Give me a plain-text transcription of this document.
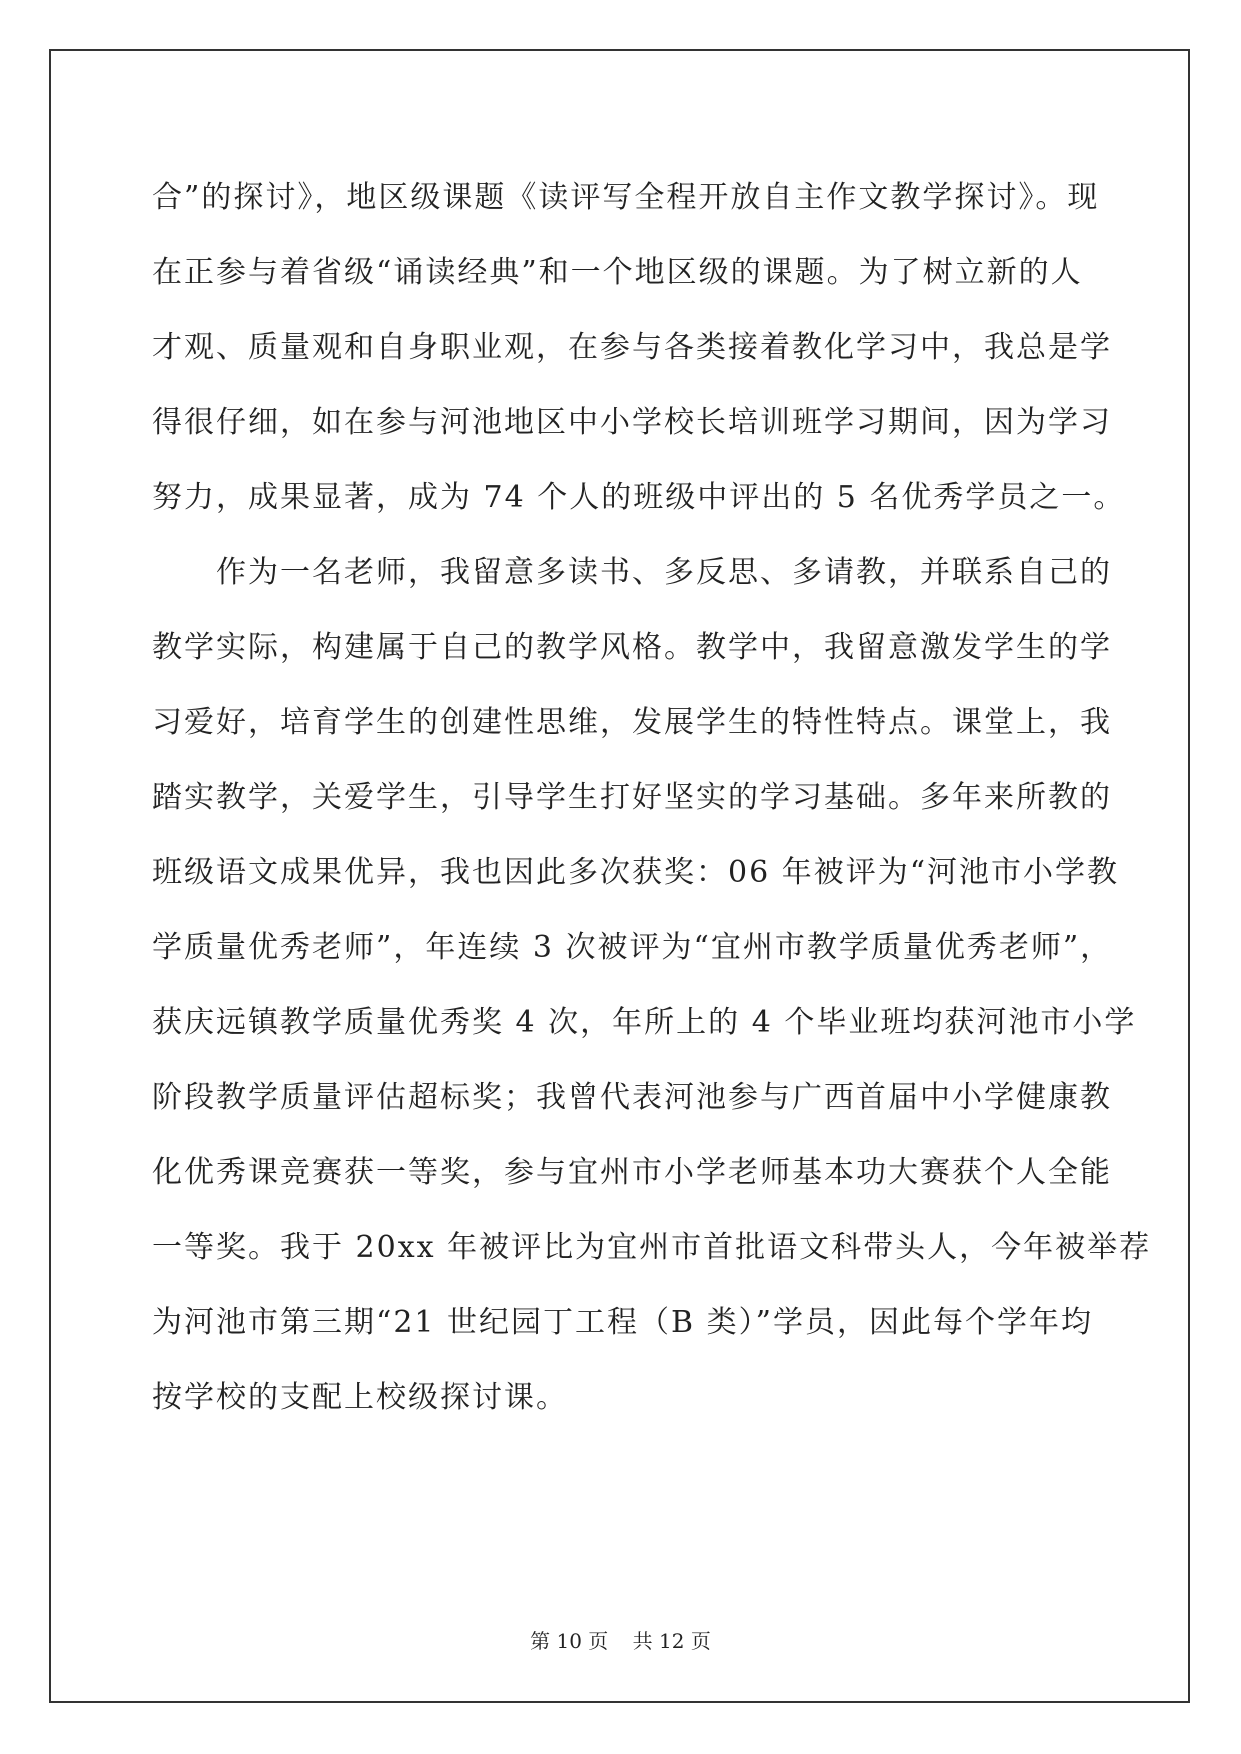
合”的探讨》，地区级课题《读评写全程开放自主作文教学探讨》。现
在正参与着省级“诵读经典”和一个地区级的课题。为了树立新的人
才观、质量观和自身职业观，在参与各类接着教化学习中，我总是学
得很仔细，如在参与河池地区中小学校长培训班学习期间，因为学习
努力，成果显著，成为 74 个人的班级中评出的 5 名优秀学员之一。
作为一名老师，我留意多读书、多反思、多请教，并联系自己的
教学实际，构建属于自己的教学风格。教学中，我留意激发学生的学
习爱好，培育学生的创建性思维，发展学生的特性特点。课堂上，我
踏实教学，关爱学生，引导学生打好坚实的学习基础。多年来所教的
班级语文成果优异，我也因此多次获奖：06 年被评为“河池市小学教
学质量优秀老师”，年连续 3 次被评为“宜州市教学质量优秀老师”，
获庆远镇教学质量优秀奖 4 次，年所上的 4 个毕业班均获河池市小学
阶段教学质量评估超标奖；我曾代表河池参与广西首届中小学健康教
化优秀课竞赛获一等奖，参与宜州市小学老师基本功大赛获个人全能
一等奖。我于 20xx 年被评比为宜州市首批语文科带头人，今年被举荐
为河池市第三期“21 世纪园丁工程（B 类）”学员，因此每个学年均
按学校的支配上校级探讨课。
第 10 页 共 12 页
